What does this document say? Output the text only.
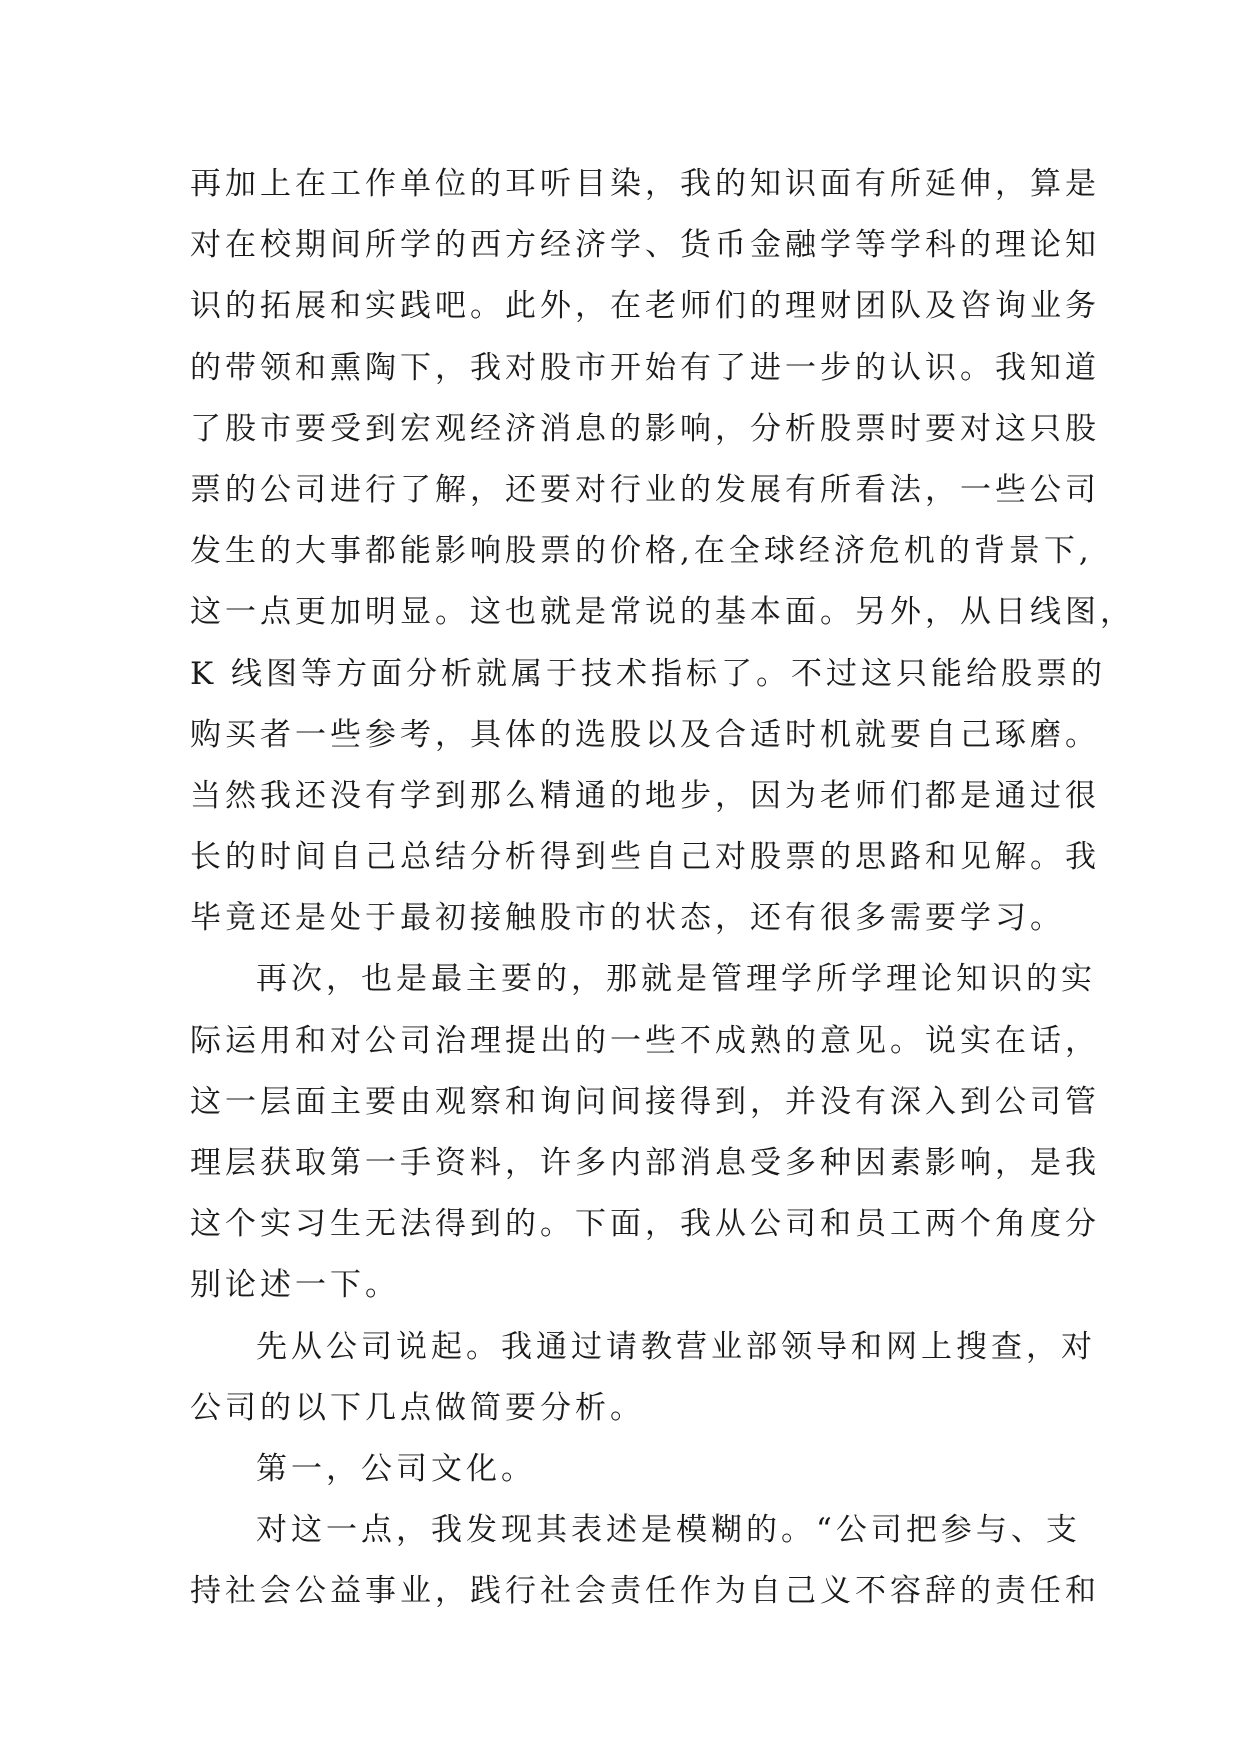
再加上在工作单位的耳听目染，我的知识面有所延伸，算是
对在校期间所学的西方经济学、货币金融学等学科的理论知
识的拓展和实践吧。此外，在老师们的理财团队及咨询业务
的带领和熏陶下，我对股市开始有了进一步的认识。我知道
了股市要受到宏观经济消息的影响，分析股票时要对这只股
票的公司进行了解，还要对行业的发展有所看法，一些公司
发生的大事都能影响股票的价格,在全球经济危机的背景下,
这一点更加明显。这也就是常说的基本面。另外，从日线图，
K 线图等方面分析就属于技术指标了。不过这只能给股票的
购买者一些参考，具体的选股以及合适时机就要自己琢磨。
当然我还没有学到那么精通的地步，因为老师们都是通过很
长的时间自己总结分析得到些自己对股票的思路和见解。我
毕竟还是处于最初接触股市的状态，还有很多需要学习。
再次，也是最主要的，那就是管理学所学理论知识的实
际运用和对公司治理提出的一些不成熟的意见。说实在话，
这一层面主要由观察和询问间接得到，并没有深入到公司管
理层获取第一手资料，许多内部消息受多种因素影响，是我
这个实习生无法得到的。下面，我从公司和员工两个角度分
别论述一下。
先从公司说起。我通过请教营业部领导和网上搜查，对
公司的以下几点做简要分析。
第一，公司文化。
对这一点，我发现其表述是模糊的。“公司把参与、支
持社会公益事业，践行社会责任作为自己义不容辞的责任和
